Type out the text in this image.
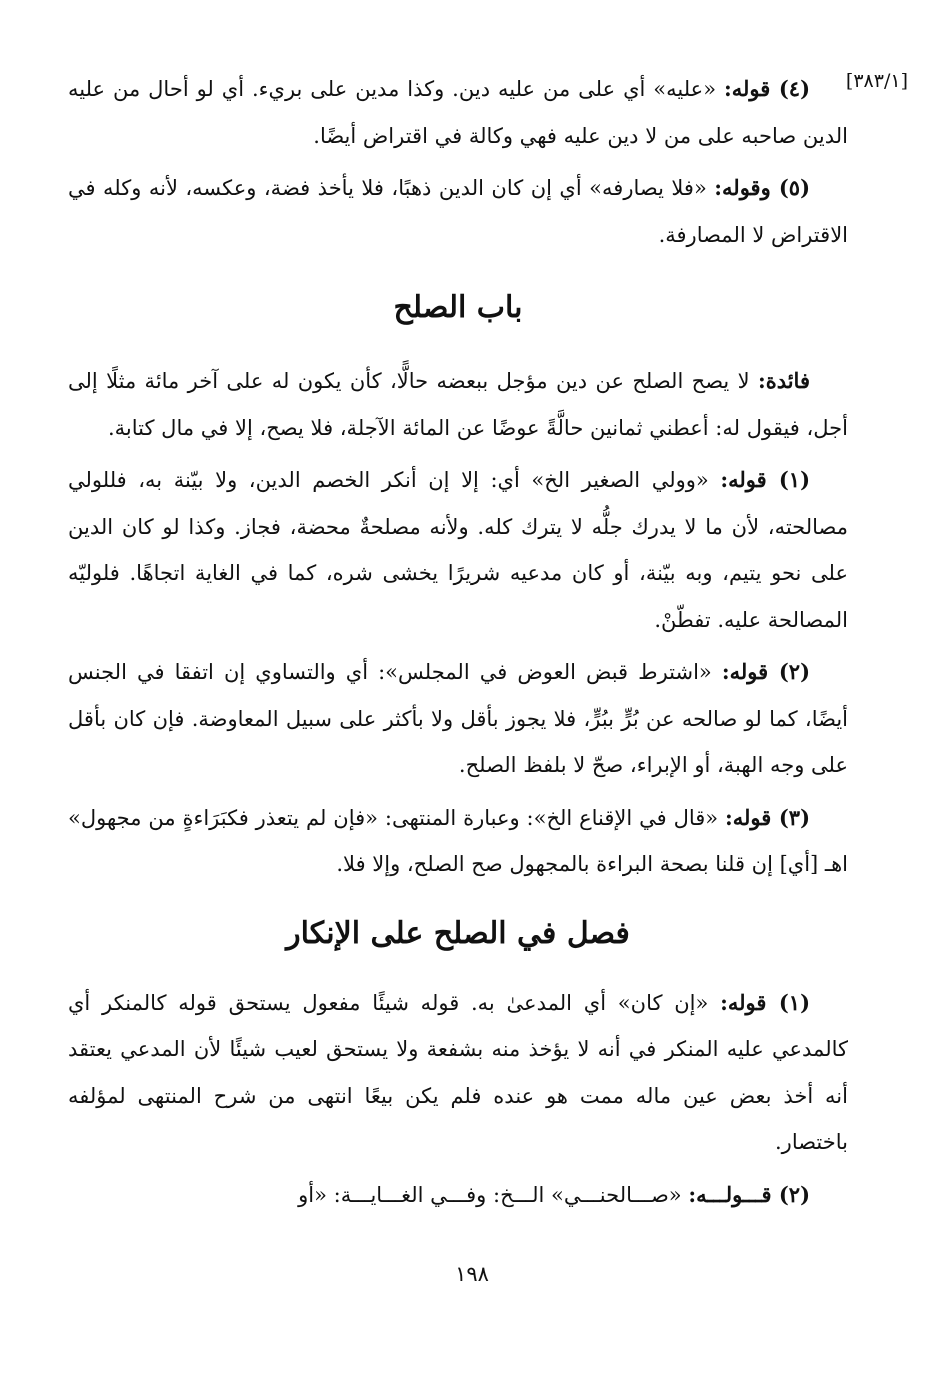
[٣٨٣/١]

(٤) قوله: «عليه» أي على من عليه دين. وكذا مدين على بريء. أي لو أحال من عليه الدين صاحبه على من لا دين عليه فهي وكالة في اقتراض أيضًا.

(٥) وقوله: «فلا يصارفه» أي إن كان الدين ذهبًا، فلا يأخذ فضة، وعكسه، لأنه وكله في الاقتراض لا المصارفة.

باب الصلح

فائدة: لا يصح الصلح عن دين مؤجل ببعضه حالًّا، كأن يكون له على آخر مائة مثلًا إلى أجل، فيقول له: أعطني ثمانين حالَّةً عوضًا عن المائة الآجلة، فلا يصح، إلا في مال كتابة.

(١) قوله: «وولي الصغير الخ» أي: إلا إن أنكر الخصم الدين، ولا بيّنة به، فللولي مصالحته، لأن ما لا يدرك جلُّه لا يترك كله. ولأنه مصلحةٌ محضة، فجاز. وكذا لو كان الدين على نحو يتيم، وبه بيّنة، أو كان مدعيه شريرًا يخشى شره، كما في الغاية اتجاهًا. فلوليّه المصالحة عليه. تفطّنْ.

(٢) قوله: «اشترط قبض العوض في المجلس»: أي والتساوي إن اتفقا في الجنس أيضًا، كما لو صالحه عن بُرٍّ ببُرٍّ، فلا يجوز بأقل ولا بأكثر على سبيل المعاوضة. فإن كان بأقل على وجه الهبة، أو الإبراء، صحّ لا بلفظ الصلح.

(٣) قوله: «قال في الإقناع الخ»: وعبارة المنتهى: «فإن لم يتعذر فكبَرَاءةٍ من مجهول» اهـ [أي] إن قلنا بصحة البراءة بالمجهول صح الصلح، وإلا فلا.

فصل في الصلح على الإنكار

(١) قوله: «إن كان» أي المدعىٰ به. قوله شيئًا مفعول يستحق قوله كالمنكر أي كالمدعي عليه المنكر في أنه لا يؤخذ منه بشفعة ولا يستحق لعيب شيئًا لأن المدعي يعتقد أنه أخذ بعض عين ماله ممت هو عنده فلم يكن بيعًا انتهى من شرح المنتهى لمؤلفه باختصار.

(٢) قـــولـــه: «صـــالحنـــي» الـــخ: وفـــي الغـــايـــة: «أو

١٩٨
